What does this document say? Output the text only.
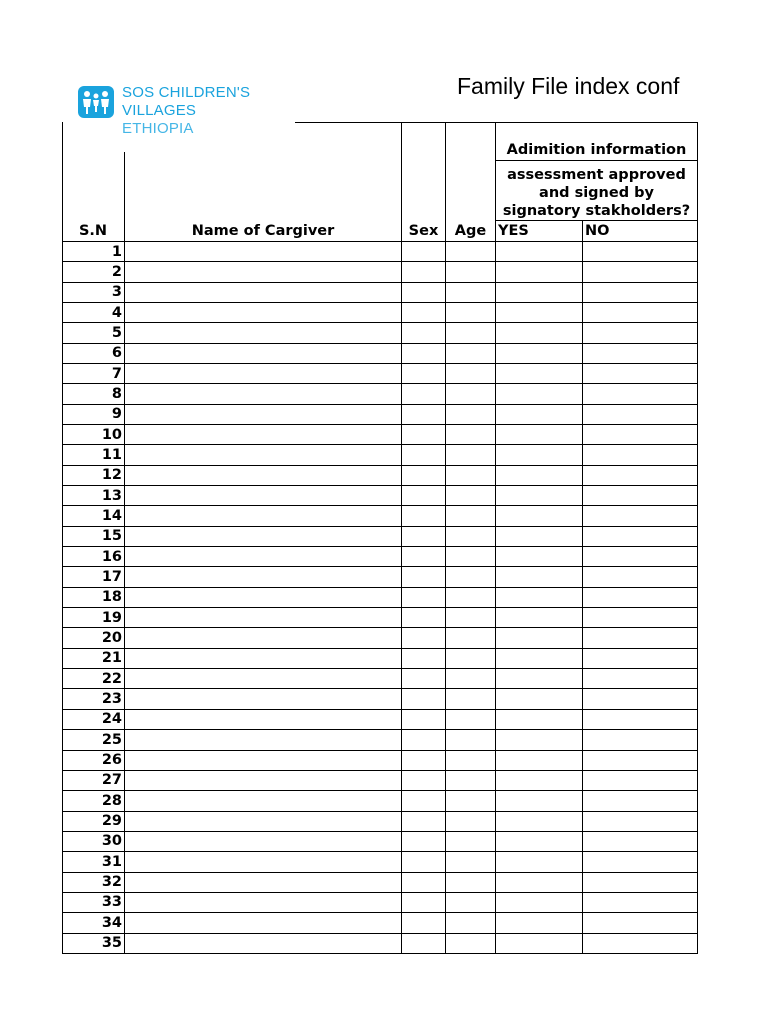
SOS CHILDREN'S
VILLAGES
ETHIOPIA
Family File index conf
S.N	Name of Cargiver	Sex	Age
Adimition information
assessment approved
and signed by
signatory stakholders?
YES	NO
1
2
3
4
5
6
7
8
9
10
11
12
13
14
15
16
17
18
19
20
21
22
23
24
25
26
27
28
29
30
31
32
33
34
35
